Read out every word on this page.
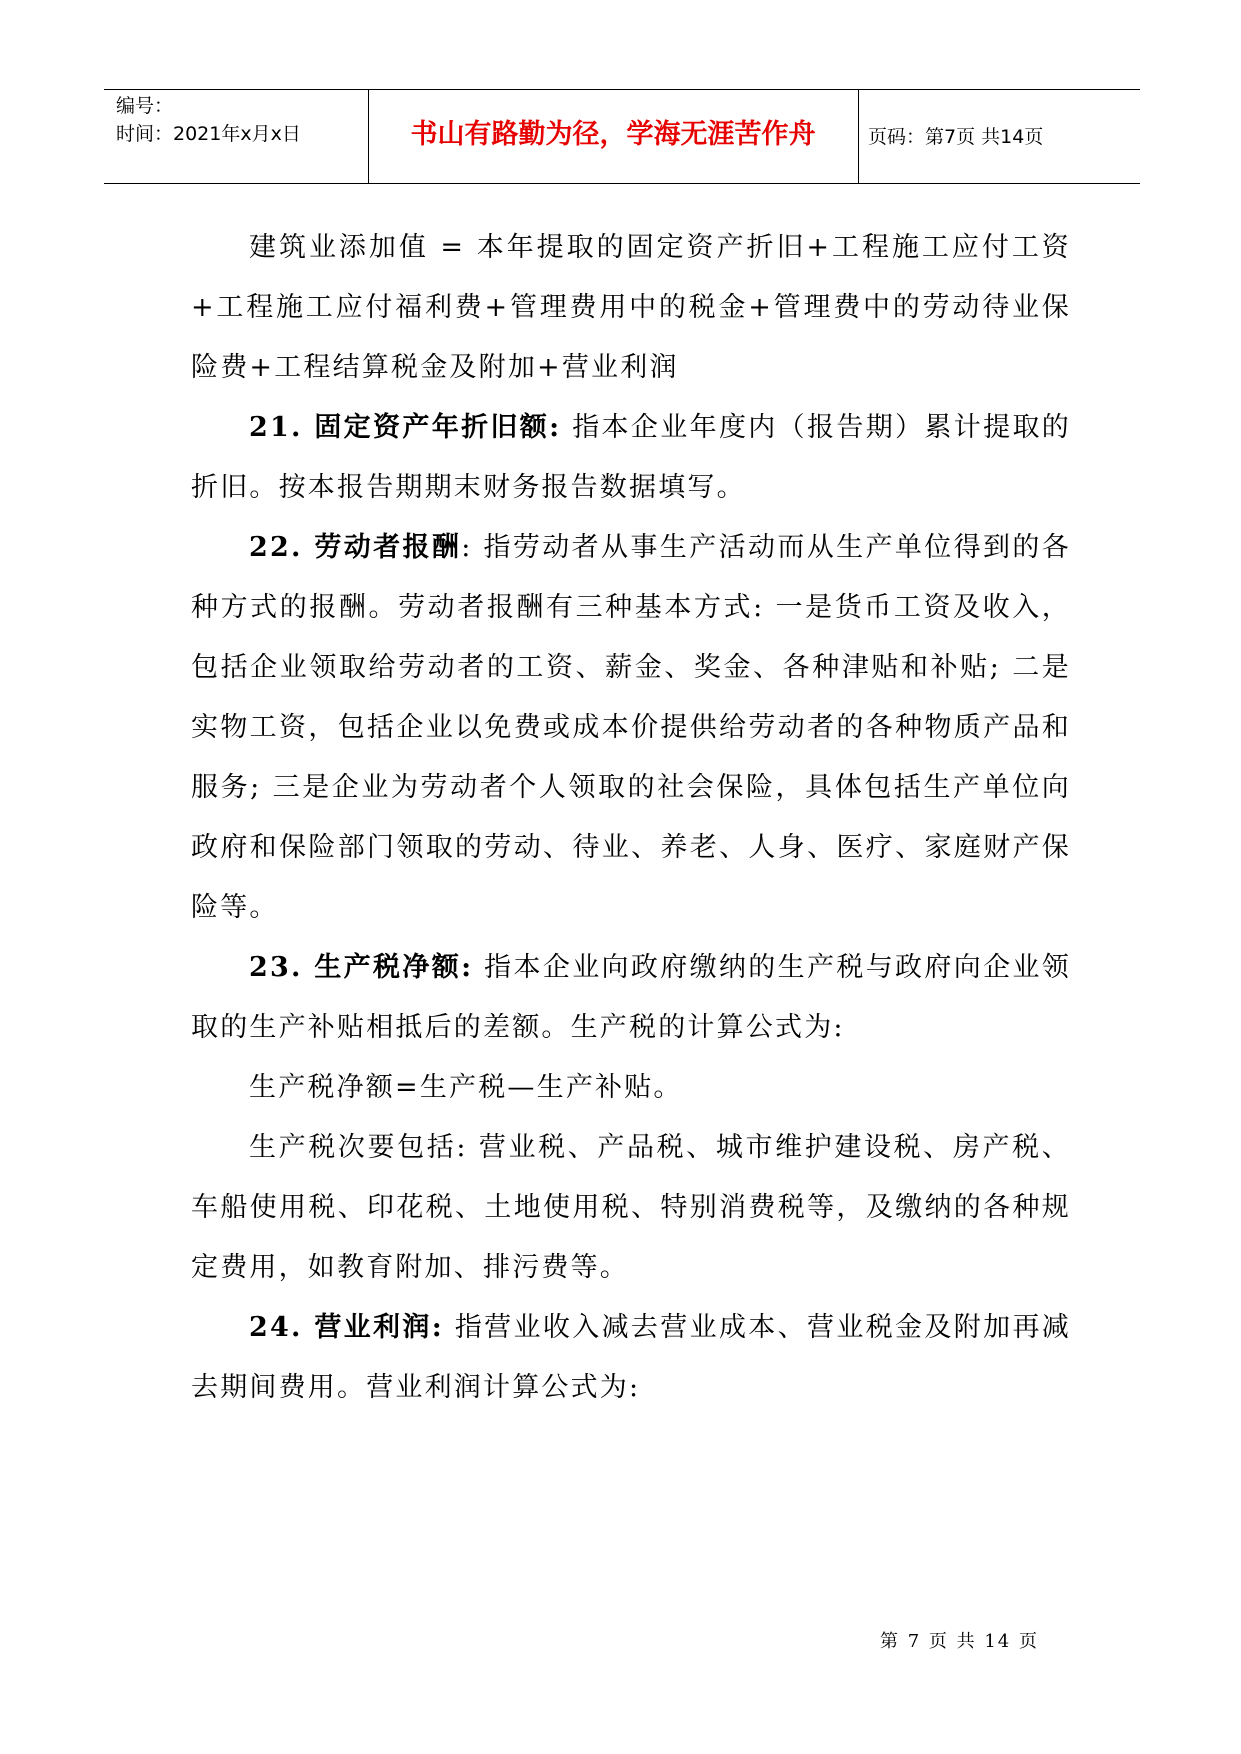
编号：
时间：2021年x月x日	书山有路勤为径，学海无涯苦作舟	页码：第7页 共14页

建筑业添加值 = 本年提取的固定资产折旧+工程施工应付工资+工程施工应付福利费+管理费用中的税金+管理费中的劳动待业保险费+工程结算税金及附加+营业利润

21. 固定资产年折旧额: 指本企业年度内（报告期）累计提取的折旧。按本报告期期末财务报告数据填写。

22. 劳动者报酬: 指劳动者从事生产活动而从生产单位得到的各种方式的报酬。劳动者报酬有三种基本方式: 一是货币工资及收入，包括企业领取给劳动者的工资、薪金、奖金、各种津贴和补贴; 二是实物工资，包括企业以免费或成本价提供给劳动者的各种物质产品和服务; 三是企业为劳动者个人领取的社会保险，具体包括生产单位向政府和保险部门领取的劳动、待业、养老、人身、医疗、家庭财产保险等。

23. 生产税净额: 指本企业向政府缴纳的生产税与政府向企业领取的生产补贴相抵后的差额。生产税的计算公式为:

生产税净额=生产税—生产补贴。

生产税次要包括: 营业税、产品税、城市维护建设税、房产税、车船使用税、印花税、土地使用税、特别消费税等，及缴纳的各种规定费用，如教育附加、排污费等。

24. 营业利润: 指营业收入减去营业成本、营业税金及附加再减去期间费用。营业利润计算公式为:

第 7 页 共 14 页
